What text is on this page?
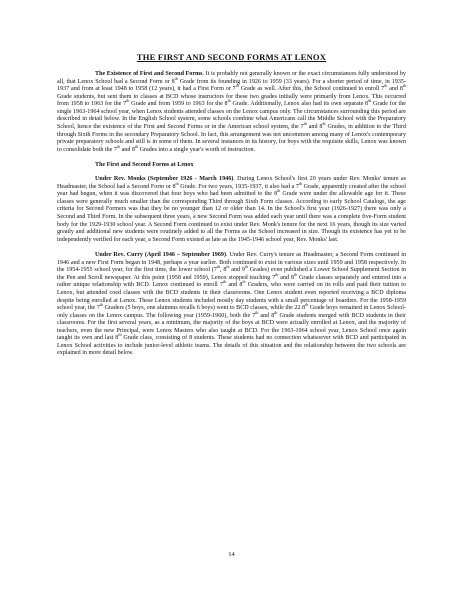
THE FIRST AND SECOND FORMS AT LENOX

The Existence of First and Second Forms. It is probably not generally known or the exact circumstances fully understood by all, that Lenox School had a Second Form or 8th Grade from its founding in 1926 to 1959 (33 years). For a shorter period of time, in 1935-1937 and from at least 1948 to 1958 (12 years), it had a First Form or 7th Grade as well. After this, the School continued to enroll 7th and 8th Grade students, but sent them to classes at BCD whose instructors for these two grades initially were primarily from Lenox. This occurred from 1958 to 1963 for the 7th Grade and from 1959 to 1963 for the 8th Grade. Additionally, Lenox also had its own separate 8th Grade for the single 1963-1964 school year, when Lenox students attended classes on the Lenox campus only. The circumstances surrounding this period are described in detail below. In the English School system, some schools combine what Americans call the Middle School with the Preparatory School, hence the existence of the First and Second Forms or in the American school system, the 7th and 8th Grades, in addition to the Third through Sixth Forms in the secondary Preparatory School. In fact, this arrangement was not uncommon among many of Lenox's contemporary private preparatory schools and still is in some of them. In several instances in its history, for boys with the requisite skills, Lenox was known to consolidate both the 7th and 8th Grades into a single year's worth of instruction.

The First and Second Forms at Lenox

Under Rev. Monks (September 1926 - March 1946). During Lenox School's first 20 years under Rev. Monks' tenure as Headmaster, the School had a Second Form or 8th Grade. For two years, 1935-1937, it also had a 7th Grade, apparently created after the school year had begun, when it was discovered that four boys who had been admitted to the 8th Grade were under the allowable age for it. These classes were generally much smaller than the corresponding Third through Sixth Form classes. According to early School Catalogs, the age criteria for Second Formers was that they be no younger than 12 or older than 14. In the School's first year (1926-1927) there was only a Second and Third Form. In the subsequent three years, a new Second Form was added each year until there was a complete five-Form student body for the 1929-1930 school year. A Second Form continued to exist under Rev. Monk's tenure for the next 16 years, though its size varied greatly and additional new students were routinely added to all the Forms as the School increased in size. Though its existence has yet to be independently verified for each year, a Second Form existed as late as the 1945-1946 school year, Rev. Monks' last.

Under Rev. Curry (April 1946 – September 1969). Under Rev. Curry's tenure as Headmaster, a Second Form continued in 1946 and a new First Form began in 1948, perhaps a year earlier. Both continued to exist in various sizes until 1959 and 1958 respectively. In the 1954-1955 school year, for the first time, the lower school (7th, 8th and 9th Grades) even published a Lower School Supplement Section in the Pen and Scroll newspaper. At this point (1958 and 1959), Lenox stopped teaching 7th and 8th Grade classes separately and entered into a rather unique relationship with BCD. Lenox continued to enroll 7th and 8th Graders, who were carried on its rolls and paid their tuition to Lenox, but attended coed classes with the BCD students in their classrooms. One Lenox student even reported receiving a BCD diploma despite being enrolled at Lenox. These Lenox students included mostly day students with a small percentage of boarders. For the 1958-1959 school year, the 7th Graders (5 boys, one alumnus recalls 6 boys) went to BCD classes, while the 22 8th Grade boys remained in Lenox School-only classes on the Lenox campus. The following year (1959-1960), both the 7th and 8th Grade students merged with BCD students in their classrooms. For the first several years, as a minimum, the majority of the boys at BCD were actually enrolled at Lenox, and the majority of teachers, even the new Principal, were Lenox Masters who also taught at BCD. For the 1963-1964 school year, Lenox School once again taught its own and last 8th Grade class, consisting of 8 students. These students had no connection whatsoever with BCD and participated in Lenox School activities to include junior-level athletic teams. The details of this situation and the relationship between the two schools are explained in more detail below.

14
